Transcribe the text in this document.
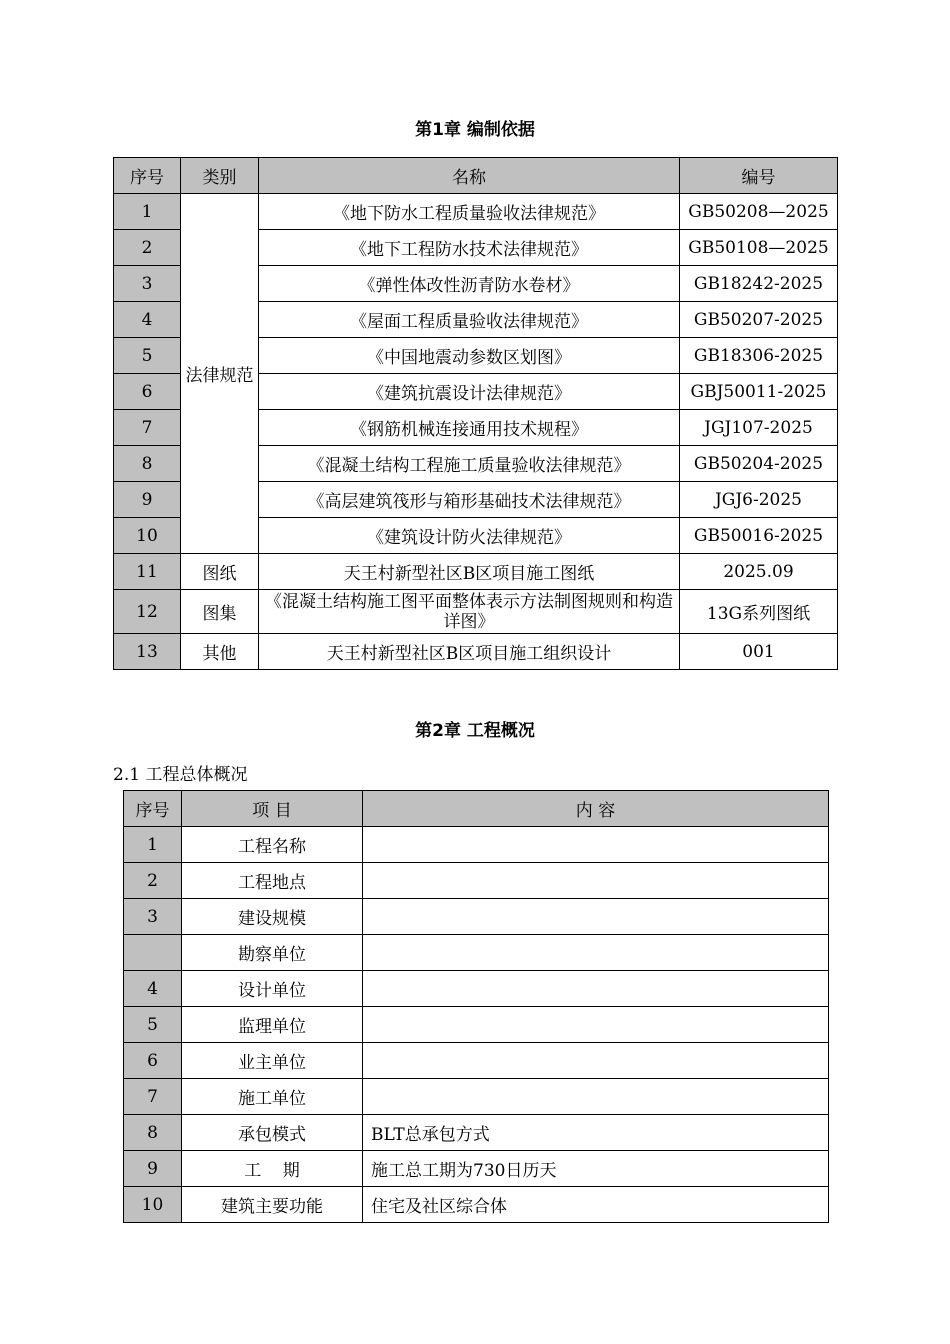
第1章 编制依据
序号	类别	名称	编号
1	法律规范	《地下防水工程质量验收法律规范》	GB50208—2025
2		《地下工程防水技术法律规范》	GB50108—2025
3		《弹性体改性沥青防水卷材》	GB18242-2025
4		《屋面工程质量验收法律规范》	GB50207-2025
5		《中国地震动参数区划图》	GB18306-2025
6		《建筑抗震设计法律规范》	GBJ50011-2025
7		《钢筋机械连接通用技术规程》	JGJ107-2025
8		《混凝土结构工程施工质量验收法律规范》	GB50204-2025
9		《高层建筑筏形与箱形基础技术法律规范》	JGJ6-2025
10		《建筑设计防火法律规范》	GB50016-2025
11	图纸	天王村新型社区B区项目施工图纸	2025.09
12	图集	《混凝土结构施工图平面整体表示方法制图规则和构造详图》	13G系列图纸
13	其他	天王村新型社区B区项目施工组织设计	001
第2章 工程概况
2.1 工程总体概况
序号	项 目	内 容
1	工程名称	
2	工程地点	
3	建设规模	
	勘察单位	
4	设计单位	
5	监理单位	
6	业主单位	
7	施工单位	
8	承包模式	BLT总承包方式
9	工    期	施工总工期为730日历天
10	建筑主要功能	住宅及社区综合体
